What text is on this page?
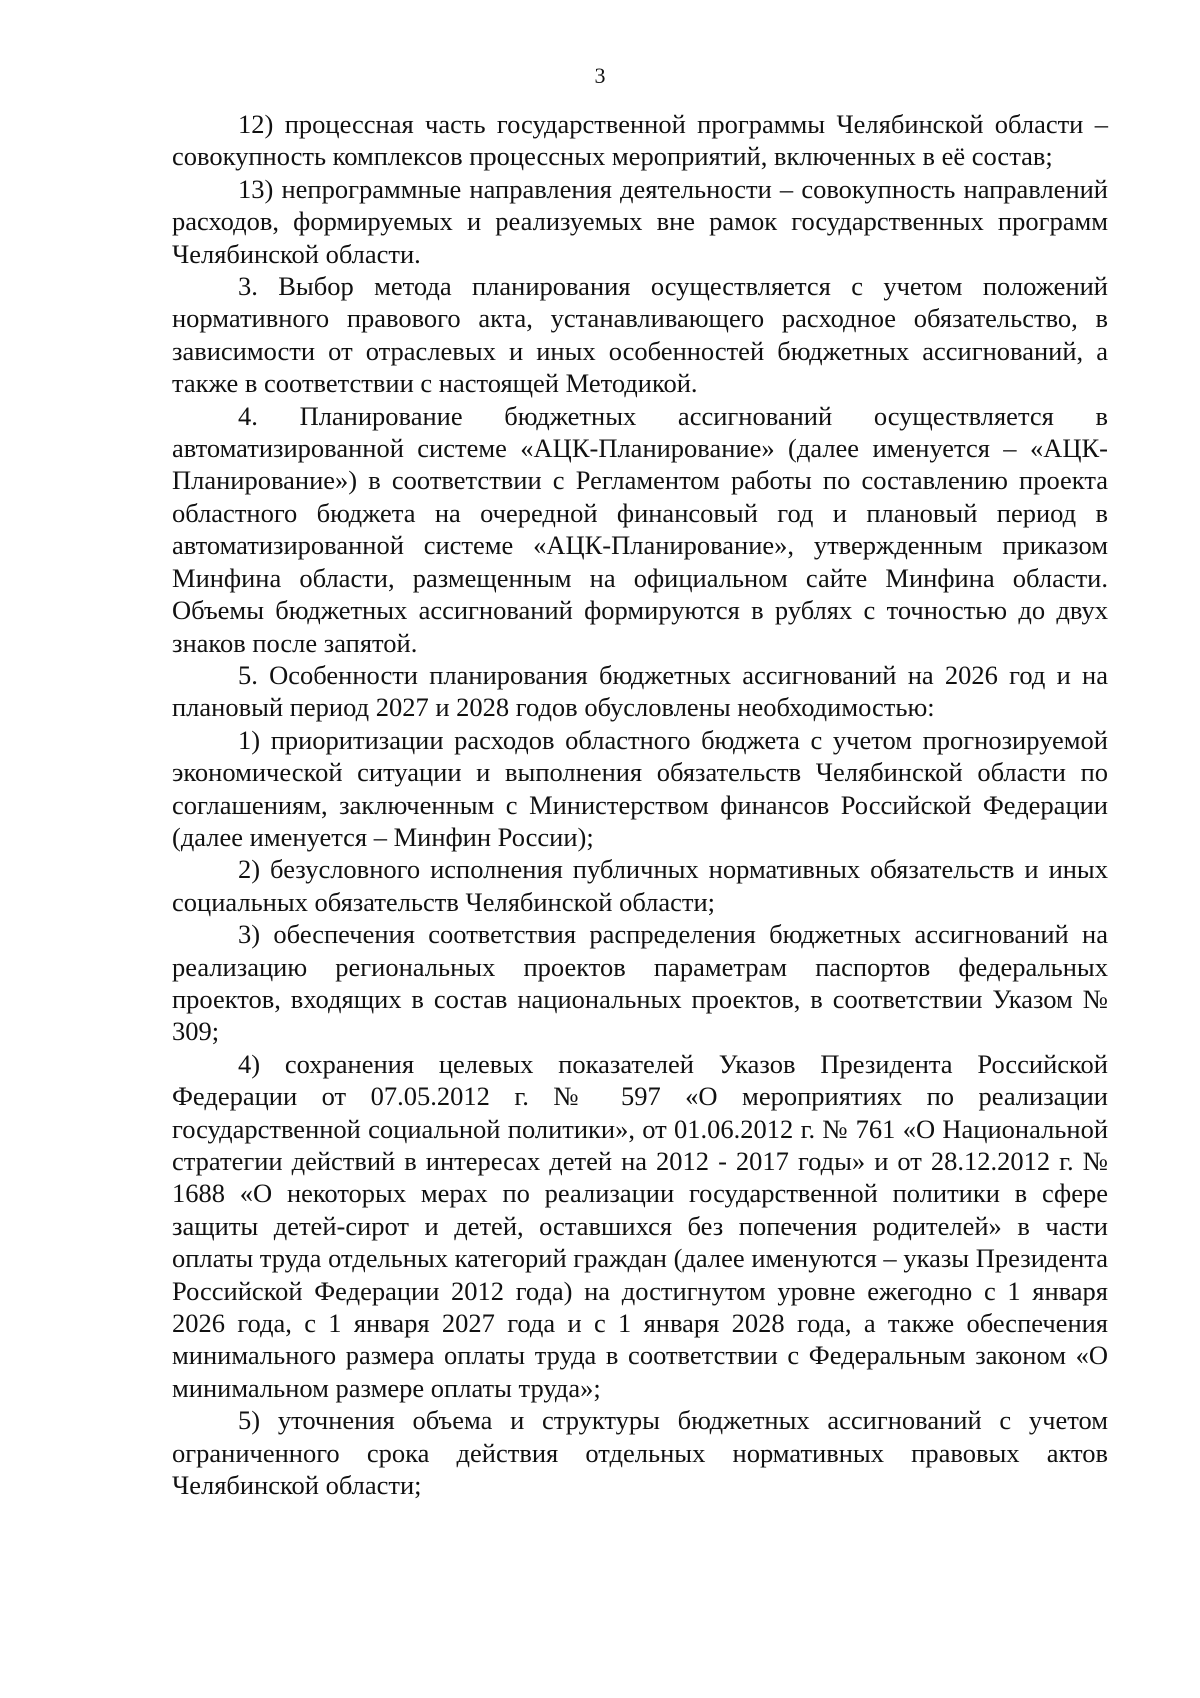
3

12) процессная часть государственной программы Челябинской области – совокупность комплексов процессных мероприятий, включенных в её состав;

13) непрограммные направления деятельности – совокупность направлений расходов, формируемых и реализуемых вне рамок государственных программ Челябинской области.

3. Выбор метода планирования осуществляется с учетом положений нормативного правового акта, устанавливающего расходное обязательство, в зависимости от отраслевых и иных особенностей бюджетных ассигнований, а также в соответствии с настоящей Методикой.

4. Планирование бюджетных ассигнований осуществляется в автоматизированной системе «АЦК-Планирование» (далее именуется – «АЦК-Планирование») в соответствии с Регламентом работы по составлению проекта областного бюджета на очередной финансовый год и плановый период в автоматизированной системе «АЦК-Планирование», утвержденным приказом Минфина области, размещенным на официальном сайте Минфина области. Объемы бюджетных ассигнований формируются в рублях с точностью до двух знаков после запятой.

5. Особенности планирования бюджетных ассигнований на 2026 год и на плановый период 2027 и 2028 годов обусловлены необходимостью:

1) приоритизации расходов областного бюджета с учетом прогнозируемой экономической ситуации и выполнения обязательств Челябинской области по соглашениям, заключенным с Министерством финансов Российской Федерации (далее именуется – Минфин России);

2) безусловного исполнения публичных нормативных обязательств и иных социальных обязательств Челябинской области;

3) обеспечения соответствия распределения бюджетных ассигнований на реализацию региональных проектов параметрам паспортов федеральных проектов, входящих в состав национальных проектов, в соответствии Указом № 309;

4) сохранения целевых показателей Указов Президента Российской Федерации от 07.05.2012 г. № 597 «О мероприятиях по реализации государственной социальной политики», от 01.06.2012 г. № 761 «О Национальной стратегии действий в интересах детей на 2012 - 2017 годы» и от 28.12.2012 г. № 1688 «О некоторых мерах по реализации государственной политики в сфере защиты детей-сирот и детей, оставшихся без попечения родителей» в части оплаты труда отдельных категорий граждан (далее именуются – указы Президента Российской Федерации 2012 года) на достигнутом уровне ежегодно с 1 января 2026 года, с 1 января 2027 года и с 1 января 2028 года, а также обеспечения минимального размера оплаты труда в соответствии с Федеральным законом «О минимальном размере оплаты труда»;

5) уточнения объема и структуры бюджетных ассигнований с учетом ограниченного срока действия отдельных нормативных правовых актов Челябинской области;
